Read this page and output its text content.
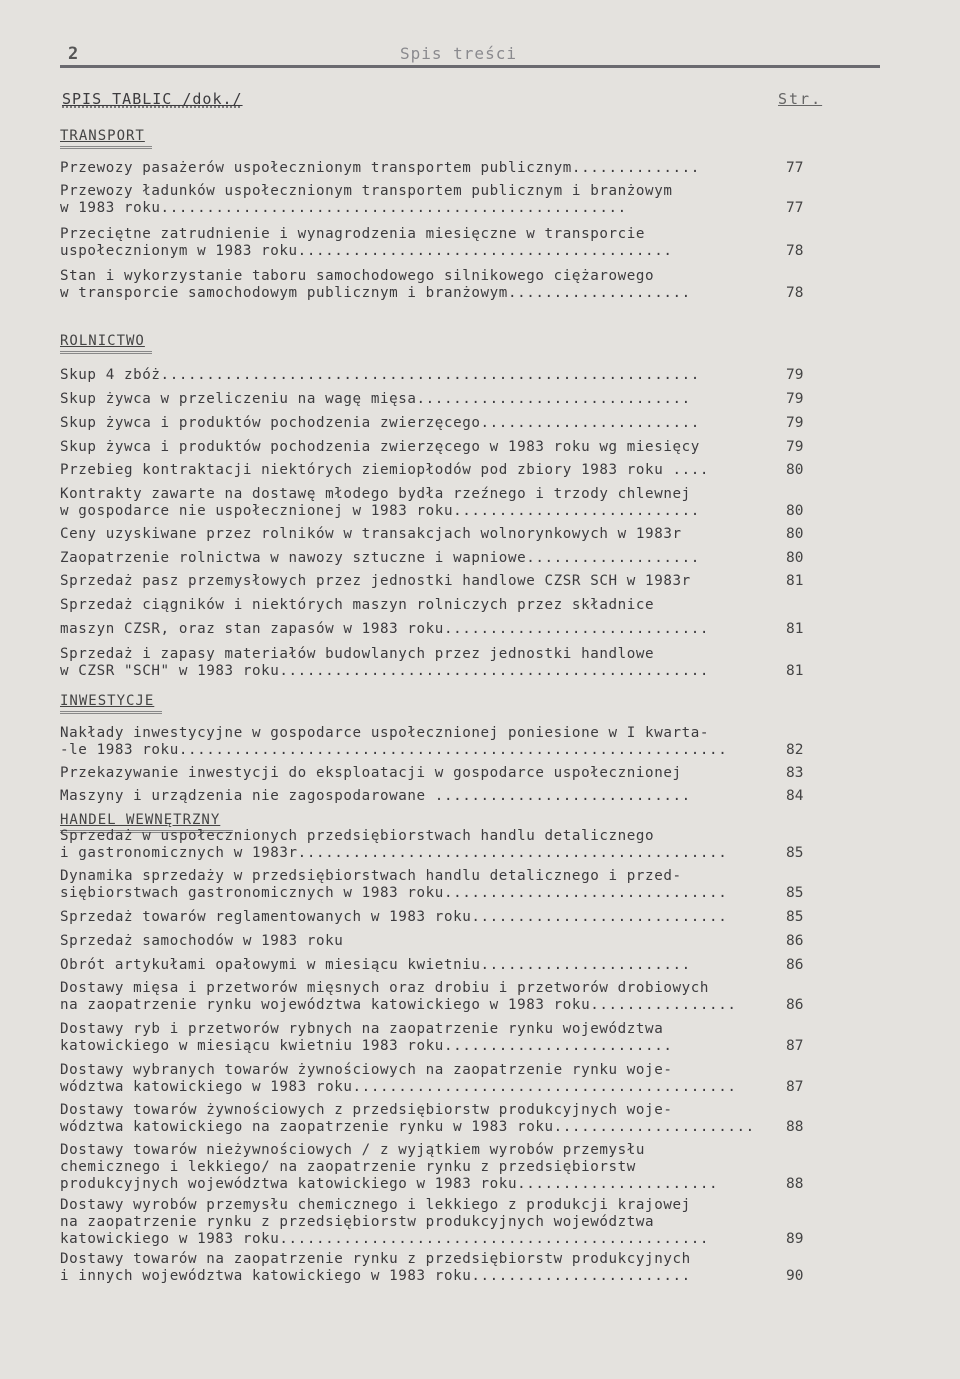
2	Spis treści
SPIS TABLIC /dok./	Str.
TRANSPORT
Przewozy pasażerów uspołecznionym transportem publicznym..............	77
Przewozy ładunków uspołecznionym transportem publicznym i branżowym
w 1983 roku...................................................	77
Przeciętne zatrudnienie i wynagrodzenia miesięczne w transporcie
uspołecznionym w 1983 roku.........................................	78
Stan i wykorzystanie taboru samochodowego silnikowego ciężarowego
w transporcie samochodowym publicznym i branżowym....................	78
ROLNICTWO
Skup 4 zbóż...........................................................	79
Skup żywca w przeliczeniu na wagę mięsa..............................	79
Skup żywca i produktów pochodzenia zwierzęcego........................	79
Skup żywca i produktów pochodzenia zwierzęcego w 1983 roku wg miesięcy	79
Przebieg kontraktacji niektórych ziemiopłodów pod zbiory 1983 roku ....	80
Kontrakty zawarte na dostawę młodego bydła rzeźnego i trzody chlewnej
w gospodarce nie uspołecznionej w 1983 roku...........................	80
Ceny uzyskiwane przez rolników w transakcjach wolnorynkowych w 1983r	80
Zaopatrzenie rolnictwa w nawozy sztuczne i wapniowe...................	80
Sprzedaż pasz przemysłowych przez jednostki handlowe CZSR SCH w 1983r	81
Sprzedaż ciągników i niektórych maszyn rolniczych przez składnice
maszyn CZSR, oraz stan zapasów w 1983 roku.............................	81
Sprzedaż i zapasy materiałów budowlanych przez jednostki handlowe
w CZSR "SCH" w 1983 roku...............................................	81
INWESTYCJE
Nakłady inwestycyjne w gospodarce uspołecznionej poniesione w I kwarta-
-le 1983 roku............................................................	82
Przekazywanie inwestycji do eksploatacji w gospodarce uspołecznionej	83
Maszyny i urządzenia nie zagospodarowane ............................	84
HANDEL WEWNĘTRZNY
Sprzedaż w uspołecznionych przedsiębiorstwach handlu detalicznego
i gastronomicznych w 1983r...............................................	85
Dynamika sprzedaży w przedsiębiorstwach handlu detalicznego i przed-
siębiorstwach gastronomicznych w 1983 roku...............................	85
Sprzedaż towarów reglamentowanych w 1983 roku............................	85
Sprzedaż samochodów w 1983 roku	86
Obrót artykułami opałowymi w miesiącu kwietniu.......................	86
Dostawy mięsa i przetworów mięsnych oraz drobiu i przetworów drobiowych
na zaopatrzenie rynku województwa katowickiego w 1983 roku................	86
Dostawy ryb i przetworów rybnych na zaopatrzenie rynku województwa
katowickiego w miesiącu kwietniu 1983 roku.........................	87
Dostawy wybranych towarów żywnościowych na zaopatrzenie rynku woje-
wództwa katowickiego w 1983 roku..........................................	87
Dostawy towarów żywnościowych z przedsiębiorstw produkcyjnych woje-
wództwa katowickiego na zaopatrzenie rynku w 1983 roku......................	88
Dostawy towarów nieżywnościowych / z wyjątkiem wyrobów przemysłu
chemicznego i lekkiego/ na zaopatrzenie rynku z przedsiębiorstw
produkcyjnych województwa katowickiego w 1983 roku......................	88
Dostawy wyrobów przemysłu chemicznego i lekkiego z produkcji krajowej
na zaopatrzenie rynku z przedsiębiorstw produkcyjnych województwa
katowickiego w 1983 roku...............................................	89
Dostawy towarów na zaopatrzenie rynku z przedsiębiorstw produkcyjnych
i innych województwa katowickiego w 1983 roku........................	90
